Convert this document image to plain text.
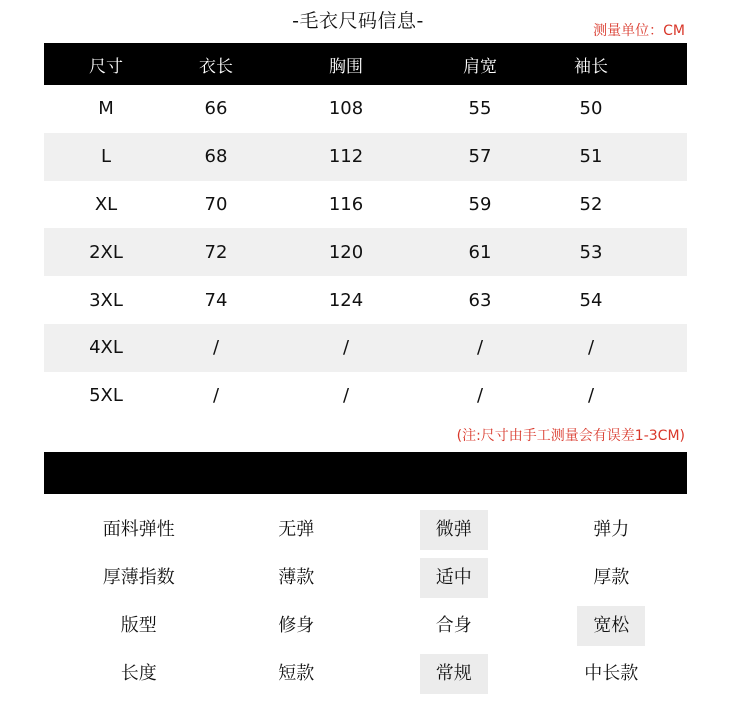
-毛衣尺码信息-	测量单位：CM
尺寸	衣长	胸围	肩宽	袖长
M	66	108	55	50
L	68	112	57	51
XL	70	116	59	52
2XL	72	120	61	53
3XL	74	124	63	54
4XL	/	/	/	/
5XL	/	/	/	/
(注:尺寸由手工测量会有误差1-3CM)
面料弹性	无弹	微弹	弹力
厚薄指数	薄款	适中	厚款
版型	修身	合身	宽松
长度	短款	常规	中长款
